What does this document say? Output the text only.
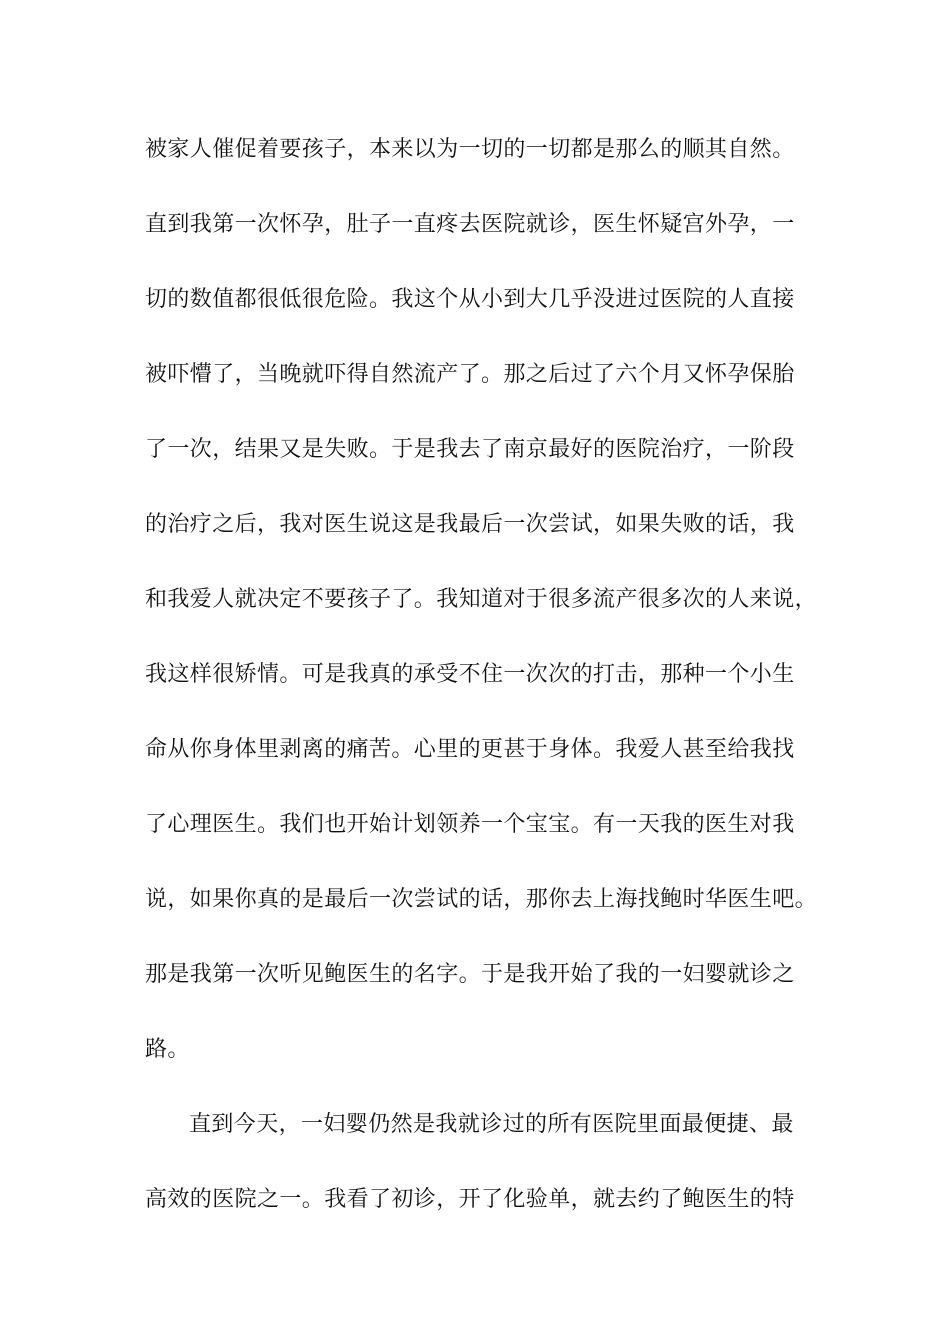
被家人催促着要孩子，本来以为一切的一切都是那么的顺其自然。
直到我第一次怀孕，肚子一直疼去医院就诊，医生怀疑宫外孕，一
切的数值都很低很危险。我这个从小到大几乎没进过医院的人直接
被吓懵了，当晚就吓得自然流产了。那之后过了六个月又怀孕保胎
了一次，结果又是失败。于是我去了南京最好的医院治疗，一阶段
的治疗之后，我对医生说这是我最后一次尝试，如果失败的话，我
和我爱人就决定不要孩子了。我知道对于很多流产很多次的人来说，
我这样很矫情。可是我真的承受不住一次次的打击，那种一个小生
命从你身体里剥离的痛苦。心里的更甚于身体。我爱人甚至给我找
了心理医生。我们也开始计划领养一个宝宝。有一天我的医生对我
说，如果你真的是最后一次尝试的话，那你去上海找鲍时华医生吧。
那是我第一次听见鲍医生的名字。于是我开始了我的一妇婴就诊之
路。
直到今天，一妇婴仍然是我就诊过的所有医院里面最便捷、最
高效的医院之一。我看了初诊，开了化验单，就去约了鲍医生的特
